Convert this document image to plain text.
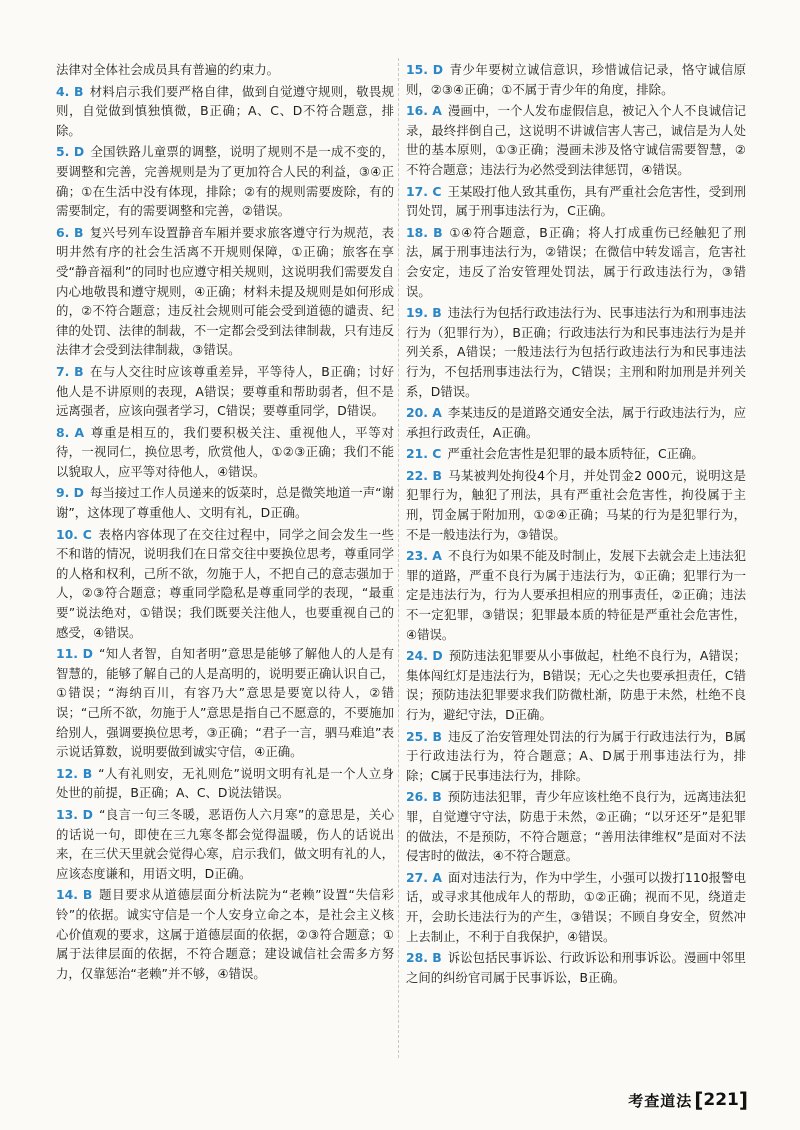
法律对全体社会成员具有普遍的约束力。

4. B 材料启示我们要严格自律，做到自觉遵守规则，敬畏规则，自觉做到慎独慎微，B正确；A、C、D不符合题意，排除。

5. D 全国铁路儿童票的调整，说明了规则不是一成不变的，要调整和完善，完善规则是为了更加符合人民的利益，③④正确；①在生活中没有体现，排除；②有的规则需要废除，有的需要制定，有的需要调整和完善，②错误。

6. B 复兴号列车设置静音车厢并要求旅客遵守行为规范，表明井然有序的社会生活离不开规则保障，①正确；旅客在享受“静音福利”的同时也应遵守相关规则，这说明我们需要发自内心地敬畏和遵守规则，④正确；材料未提及规则是如何形成的，②不符合题意；违反社会规则可能会受到道德的谴责、纪律的处罚、法律的制裁，不一定都会受到法律制裁，只有违反法律才会受到法律制裁，③错误。

7. B 在与人交往时应该尊重差异，平等待人，B正确；讨好他人是不讲原则的表现，A错误；要尊重和帮助弱者，但不是远离强者，应该向强者学习，C错误；要尊重同学，D错误。

8. A 尊重是相互的，我们要积极关注、重视他人，平等对待，一视同仁，换位思考，欣赏他人，①②③正确；我们不能以貌取人，应平等对待他人，④错误。

9. D 每当接过工作人员递来的饭菜时，总是微笑地道一声“谢谢”，这体现了尊重他人、文明有礼，D正确。

10. C 表格内容体现了在交往过程中，同学之间会发生一些不和谐的情况，说明我们在日常交往中要换位思考，尊重同学的人格和权利，己所不欲，勿施于人，不把自己的意志强加于人，②③符合题意；尊重同学隐私是尊重同学的表现，“最重要”说法绝对，①错误；我们既要关注他人，也要重视自己的感受，④错误。

11. D “知人者智，自知者明”意思是能够了解他人的人是有智慧的，能够了解自己的人是高明的，说明要正确认识自己，①错误；“海纳百川，有容乃大”意思是要宽以待人，②错误；“己所不欲，勿施于人”意思是指自己不愿意的，不要施加给别人，强调要换位思考，③正确；“君子一言，驷马难追”表示说话算数，说明要做到诚实守信，④正确。

12. B “人有礼则安，无礼则危”说明文明有礼是一个人立身处世的前提，B正确；A、C、D说法错误。

13. D “良言一句三冬暖，恶语伤人六月寒”的意思是，关心的话说一句，即使在三九寒冬都会觉得温暖，伤人的话说出来，在三伏天里就会觉得心寒，启示我们，做文明有礼的人，应该态度谦和，用语文明，D正确。

14. B 题目要求从道德层面分析法院为“老赖”设置“失信彩铃”的依据。诚实守信是一个人安身立命之本，是社会主义核心价值观的要求，这属于道德层面的依据，②③符合题意；①属于法律层面的依据，不符合题意；建设诚信社会需多方努力，仅靠惩治“老赖”并不够，④错误。

15. D 青少年要树立诚信意识，珍惜诚信记录，恪守诚信原则，②③④正确；①不属于青少年的角度，排除。

16. A 漫画中，一个人发布虚假信息，被记入个人不良诚信记录，最终拌倒自己，这说明不讲诚信害人害己，诚信是为人处世的基本原则，①③正确；漫画未涉及恪守诚信需要智慧，②不符合题意；违法行为必然受到法律惩罚，④错误。

17. C 王某殴打他人致其重伤，具有严重社会危害性，受到刑罚处罚，属于刑事违法行为，C正确。

18. B ①④符合题意，B正确；将人打成重伤已经触犯了刑法，属于刑事违法行为，②错误；在微信中转发谣言，危害社会安定，违反了治安管理处罚法，属于行政违法行为，③错误。

19. B 违法行为包括行政违法行为、民事违法行为和刑事违法行为（犯罪行为），B正确；行政违法行为和民事违法行为是并列关系，A错误；一般违法行为包括行政违法行为和民事违法行为，不包括刑事违法行为，C错误；主刑和附加刑是并列关系，D错误。

20. A 李某违反的是道路交通安全法，属于行政违法行为，应承担行政责任，A正确。

21. C 严重社会危害性是犯罪的最本质特征，C正确。

22. B 马某被判处拘役4个月，并处罚金2 000元，说明这是犯罪行为，触犯了刑法，具有严重社会危害性，拘役属于主刑，罚金属于附加刑，①②④正确；马某的行为是犯罪行为，不是一般违法行为，③错误。

23. A 不良行为如果不能及时制止，发展下去就会走上违法犯罪的道路，严重不良行为属于违法行为，①正确；犯罪行为一定是违法行为，行为人要承担相应的刑事责任，②正确；违法不一定犯罪，③错误；犯罪最本质的特征是严重社会危害性，④错误。

24. D 预防违法犯罪要从小事做起，杜绝不良行为，A错误；集体闯红灯是违法行为，B错误；无心之失也要承担责任，C错误；预防违法犯罪要求我们防微杜渐，防患于未然，杜绝不良行为，避纪守法，D正确。

25. B 违反了治安管理处罚法的行为属于行政违法行为，B属于行政违法行为，符合题意；A、D属于刑事违法行为，排除；C属于民事违法行为，排除。

26. B 预防违法犯罪，青少年应该杜绝不良行为，远离违法犯罪，自觉遵守守法，防患于未然，②正确；“以牙还牙”是犯罪的做法，不是预防，不符合题意；“善用法律维权”是面对不法侵害时的做法，④不符合题意。

27. A 面对违法行为，作为中学生，小强可以拨打110报警电话，或寻求其他成年人的帮助，①②正确；视而不见，绕道走开，会助长违法行为的产生，③错误；不顾自身安全，贸然冲上去制止，不利于自我保护，④错误。

28. B 诉讼包括民事诉讼、行政诉讼和刑事诉讼。漫画中邻里之间的纠纷官司属于民事诉讼，B正确。

考查道法 [ 221 ]
